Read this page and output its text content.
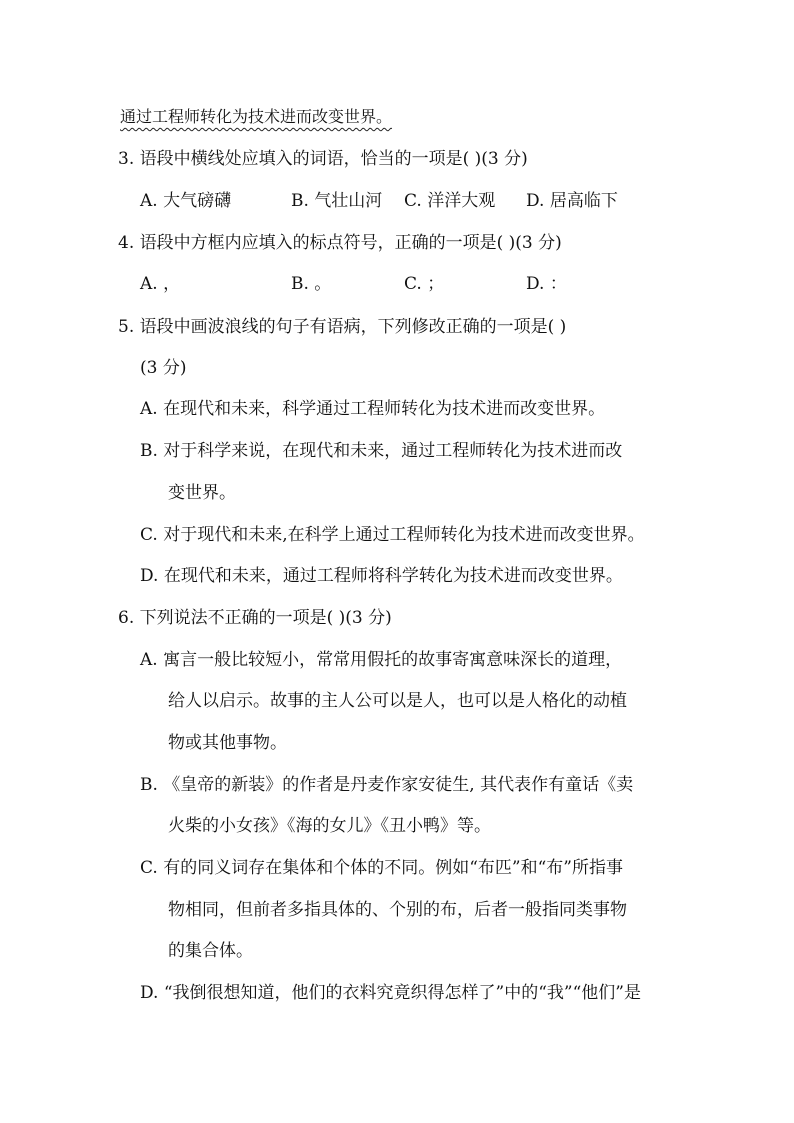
通过工程师转化为技术进而改变世界。
3. 语段中横线处应填入的词语，恰当的一项是( )(3 分)
A. 大气磅礴	B. 气壮山河 C. 洋洋大观 D. 居高临下
4. 语段中方框内应填入的标点符号，正确的一项是( )(3 分)
A. ，	B. 。	C. ；	D. ：
5. 语段中画波浪线的句子有语病，下列修改正确的一项是( )
(3 分)
A. 在现代和未来，科学通过工程师转化为技术进而改变世界。
B. 对于科学来说，在现代和未来，通过工程师转化为技术进而改
变世界。
C. 对于现代和未来,在科学上通过工程师转化为技术进而改变世界。
D. 在现代和未来，通过工程师将科学转化为技术进而改变世界。
6. 下列说法不正确的一项是( )(3 分)
A. 寓言一般比较短小，常常用假托的故事寄寓意味深长的道理，
给人以启示。故事的主人公可以是人，也可以是人格化的动植
物或其他事物。
B. 《皇帝的新装》的作者是丹麦作家安徒生, 其代表作有童话《卖
火柴的小女孩》《海的女儿》《丑小鸭》等。
C. 有的同义词存在集体和个体的不同。例如“布匹”和“布”所指事
物相同，但前者多指具体的、个别的布，后者一般指同类事物
的集合体。
D. “我倒很想知道，他们的衣料究竟织得怎样了”中的“我”“他们”是
